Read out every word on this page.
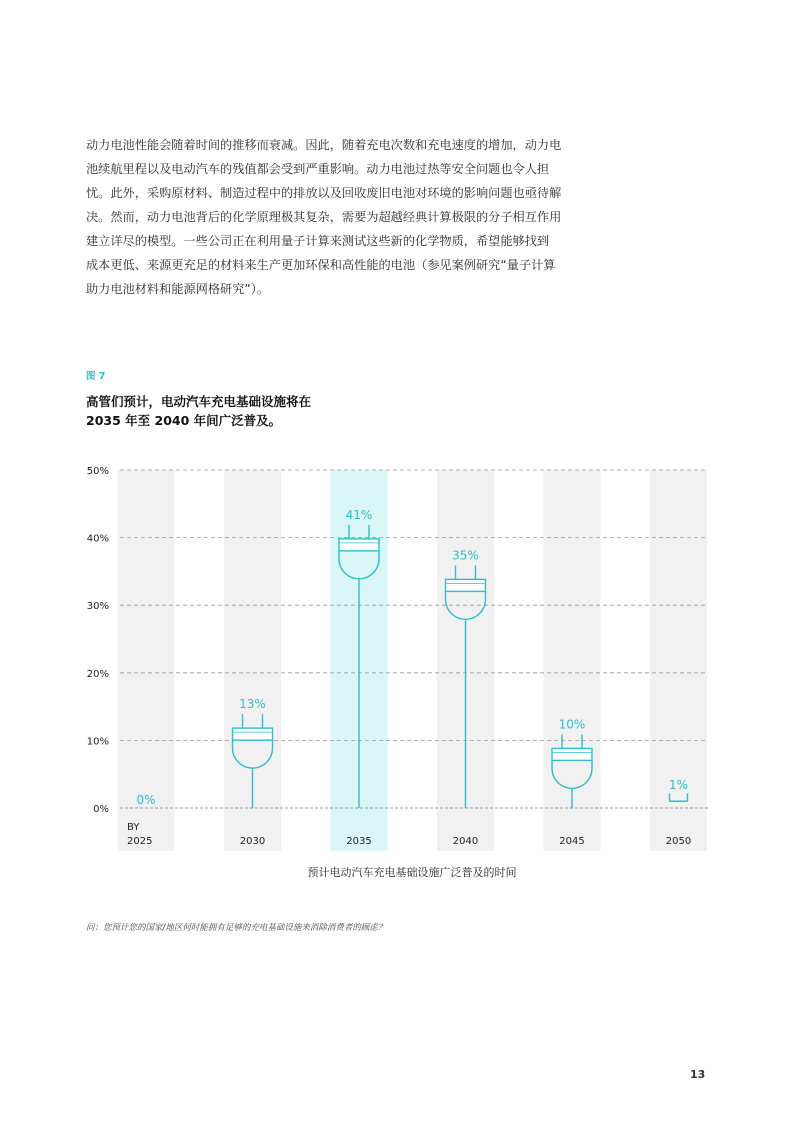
动力电池性能会随着时间的推移而衰减。因此，随着充电次数和充电速度的增加，动力电
池续航里程以及电动汽车的残值都会受到严重影响。动力电池过热等安全问题也令人担
忧。此外，采购原材料、制造过程中的排放以及回收废旧电池对环境的影响问题也亟待解
决。然而，动力电池背后的化学原理极其复杂，需要为超越经典计算极限的分子相互作用
建立详尽的模型。一些公司正在利用量子计算来测试这些新的化学物质，希望能够找到
成本更低、来源更充足的材料来生产更加环保和高性能的电池（参见案例研究“量子计算
助力电池材料和能源网格研究”）。
图 7
高管们预计，电动汽车充电基础设施将在
2035 年至 2040 年间广泛普及。
0%
10%
20%
30%
40%
50%
0%
13%
41%
35%
10%
1%
BY
2025	2030	2035	2040	2045	2050
预计电动汽车充电基础设施广泛普及的时间
问：您预计您的国家/地区何时能拥有足够的充电基础设施来消除消费者的顾虑？
13
